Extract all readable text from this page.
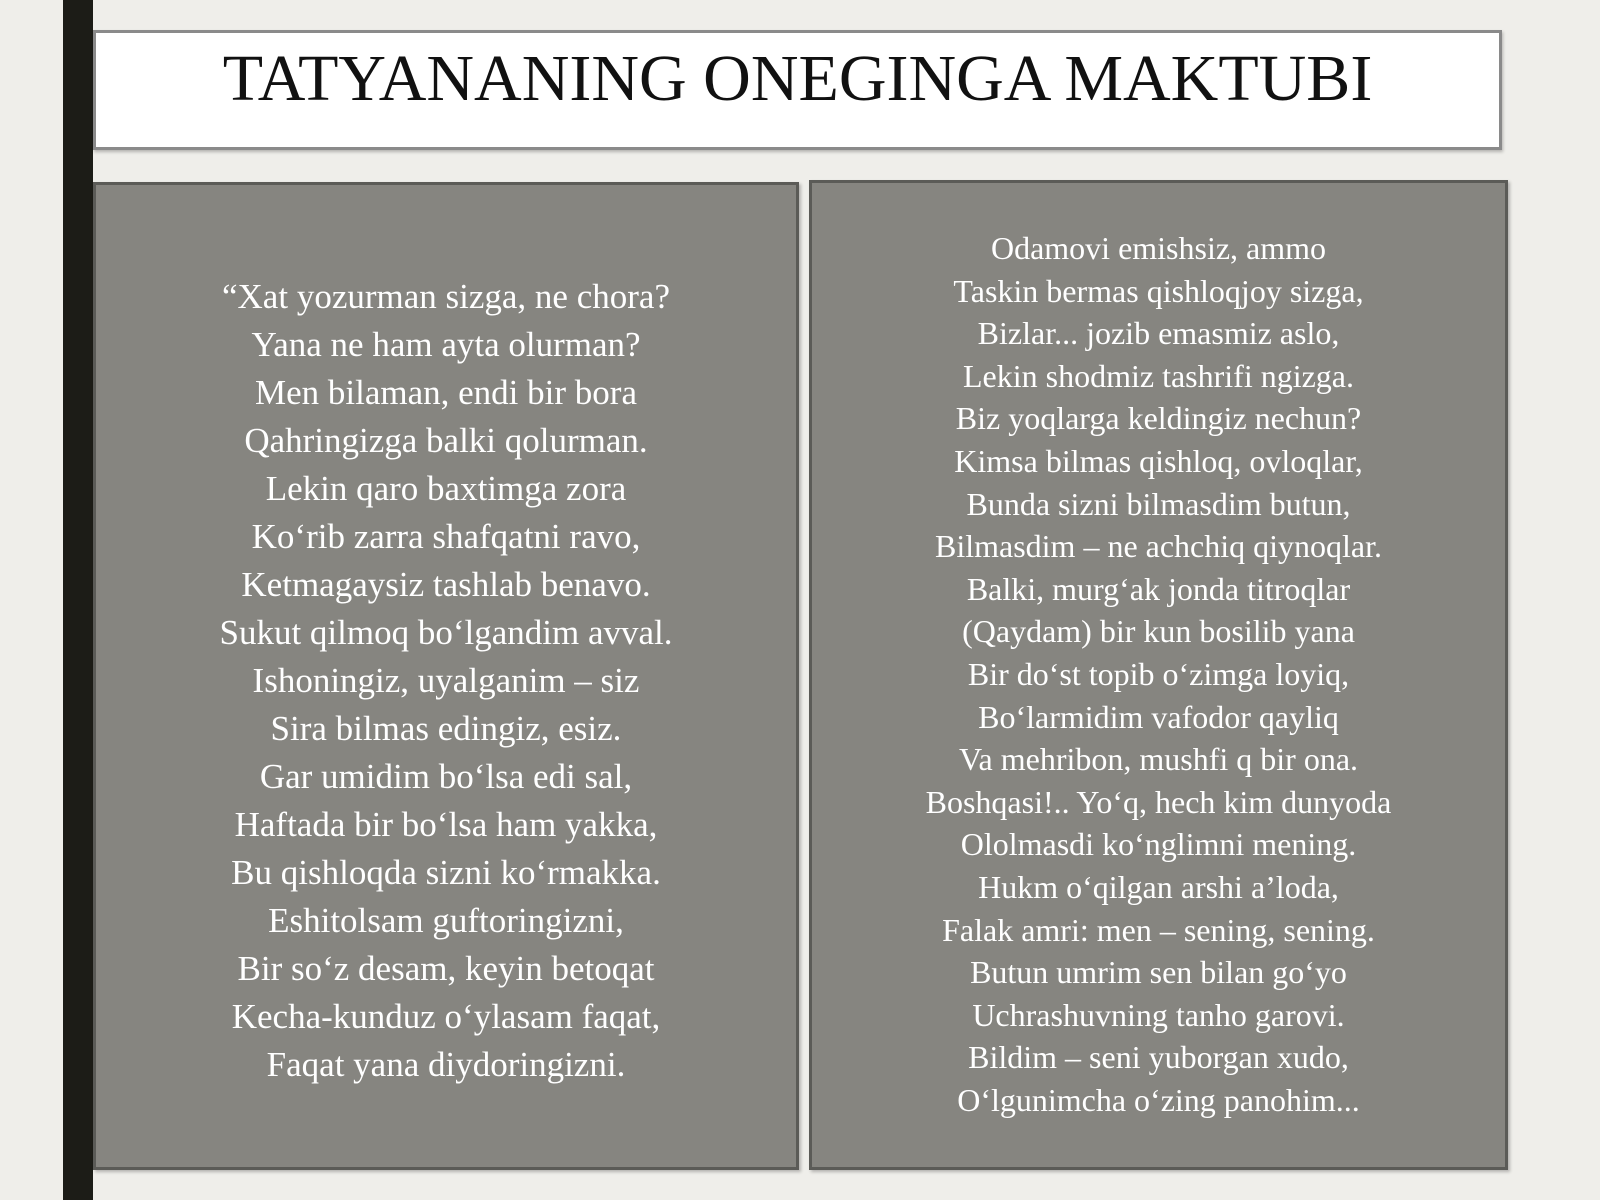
TATYANANING ONEGINGA MAKTUBI
“Xat yozurman sizga, ne chora?
Yana ne ham ayta olurman?
Men bilaman, endi bir bora
Qahringizga balki qolurman.
Lekin qaro baxtimga zora
Ko‘rib zarra shafqatni ravo,
Ketmagaysiz tashlab benavo.
Sukut qilmoq bo‘lgandim avval.
Ishoningiz, uyalganim – siz
Sira bilmas edingiz, esiz.
Gar umidim bo‘lsa edi sal,
Haftada bir bo‘lsa ham yakka,
Bu qishloqda sizni ko‘rmakka.
Eshitolsam guftoringizni,
Bir so‘z desam, keyin betoqat
Kecha-kunduz o‘ylasam faqat,
Faqat yana diydoringizni.
Odamovi emishsiz, ammo
Taskin bermas qishloqjoy sizga,
Bizlar... jozib emasmiz aslo,
Lekin shodmiz tashrifi ngizga.
Biz yoqlarga keldingiz nechun?
Kimsa bilmas qishloq, ovloqlar,
Bunda sizni bilmasdim butun,
Bilmasdim – ne achchiq qiynoqlar.
Balki, murg‘ak jonda titroqlar
(Qaydam) bir kun bosilib yana
Bir do‘st topib o‘zimga loyiq,
Bo‘larmidim vafodor qayliq
Va mehribon, mushfi q bir ona.
Boshqasi!.. Yo‘q, hech kim dunyoda
Ololmasdi ko‘nglimni mening.
Hukm o‘qilgan arshi a’loda,
Falak amri: men – sening, sening.
Butun umrim sen bilan go‘yo
Uchrashuvning tanho garovi.
Bildim – seni yuborgan xudo,
O‘lgunimcha o‘zing panohim...
